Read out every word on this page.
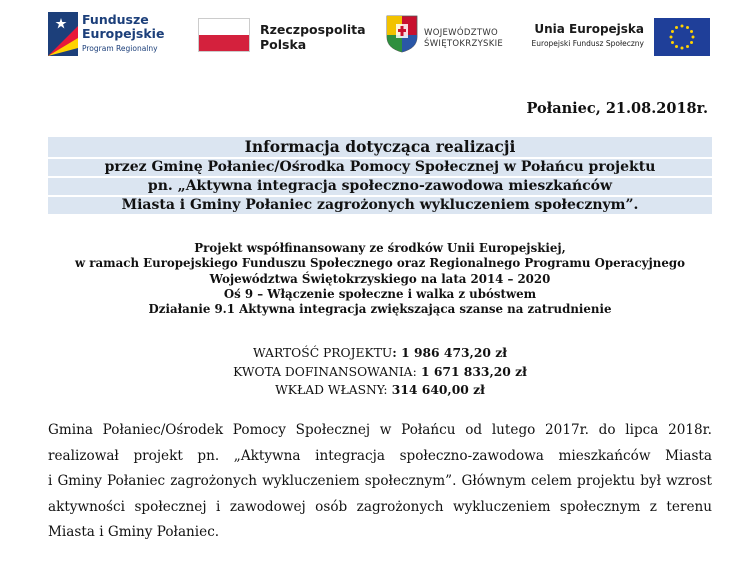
Fundusze
Europejskie
Program Regionalny
Rzeczpospolita
Polska
WOJEWÓDZTWO
ŚWIĘTOKRZYSKIE
Unia Europejska
Europejski Fundusz Społeczny
Połaniec, 21.08.2018r.
Informacja dotycząca realizacji
przez Gminę Połaniec/Ośrodka Pomocy Społecznej w Połańcu projektu
pn. „Aktywna integracja społeczno-zawodowa mieszkańców
Miasta i Gminy Połaniec zagrożonych wykluczeniem społecznym”.
Projekt współfinansowany ze środków Unii Europejskiej,
w ramach Europejskiego Funduszu Społecznego oraz Regionalnego Programu Operacyjnego
Województwa Świętokrzyskiego na lata 2014 – 2020
Oś 9 – Włączenie społeczne i walka z ubóstwem
Działanie 9.1 Aktywna integracja zwiększająca szanse na zatrudnienie
WARTOŚĆ PROJEKTU: 1 986 473,20 zł
KWOTA DOFINANSOWANIA: 1 671 833,20 zł
WKŁAD WŁASNY: 314 640,00 zł
Gmina Połaniec/Ośrodek Pomocy Społecznej w Połańcu od lutego 2017r. do lipca 2018r.
realizował projekt pn. „Aktywna integracja społeczno-zawodowa mieszkańców Miasta
i Gminy Połaniec zagrożonych wykluczeniem społecznym”. Głównym celem projektu był wzrost
aktywności społecznej i zawodowej osób zagrożonych wykluczeniem społecznym z terenu
Miasta i Gminy Połaniec.
